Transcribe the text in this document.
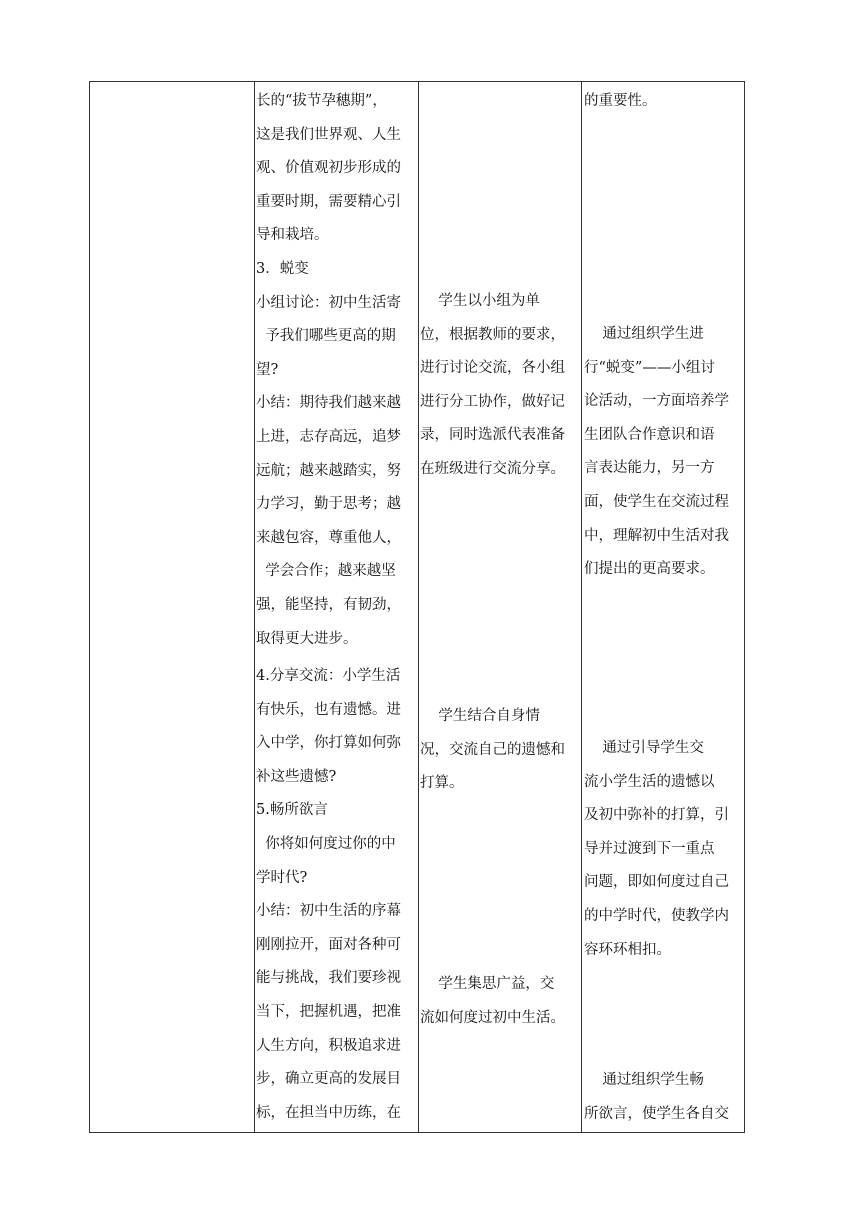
长的“拔节孕穗期”，
这是我们世界观、人生
观、价值观初步形成的
重要时期，需要精心引
导和栽培。
3．蜕变
小组讨论：初中生活寄
予我们哪些更高的期
望?
小结：期待我们越来越
上进，志存高远，追梦
远航；越来越踏实，努
力学习，勤于思考；越
来越包容，尊重他人，
学会合作；越来越坚
强，能坚持，有韧劲，
取得更大进步。
4.分享交流：小学生活
有快乐，也有遗憾。进
入中学，你打算如何弥
补这些遗憾?
5.畅所欲言
你将如何度过你的中
学时代?
小结：初中生活的序幕
刚刚拉开，面对各种可
能与挑战，我们要珍视
当下，把握机遇，把准
人生方向，积极追求进
步，确立更高的发展目
标，在担当中历练，在
学生以小组为单
位，根据教师的要求，
进行讨论交流，各小组
进行分工协作，做好记
录，同时选派代表准备
在班级进行交流分享。
学生结合自身情
况，交流自己的遗憾和
打算。
学生集思广益，交
流如何度过初中生活。
的重要性。
通过组织学生进
行“蜕变”——小组讨
论活动，一方面培养学
生团队合作意识和语
言表达能力，另一方
面，使学生在交流过程
中，理解初中生活对我
们提出的更高要求。
通过引导学生交
流小学生活的遗憾以
及初中弥补的打算，引
导并过渡到下一重点
问题，即如何度过自己
的中学时代，使教学内
容环环相扣。
通过组织学生畅
所欲言，使学生各自交
